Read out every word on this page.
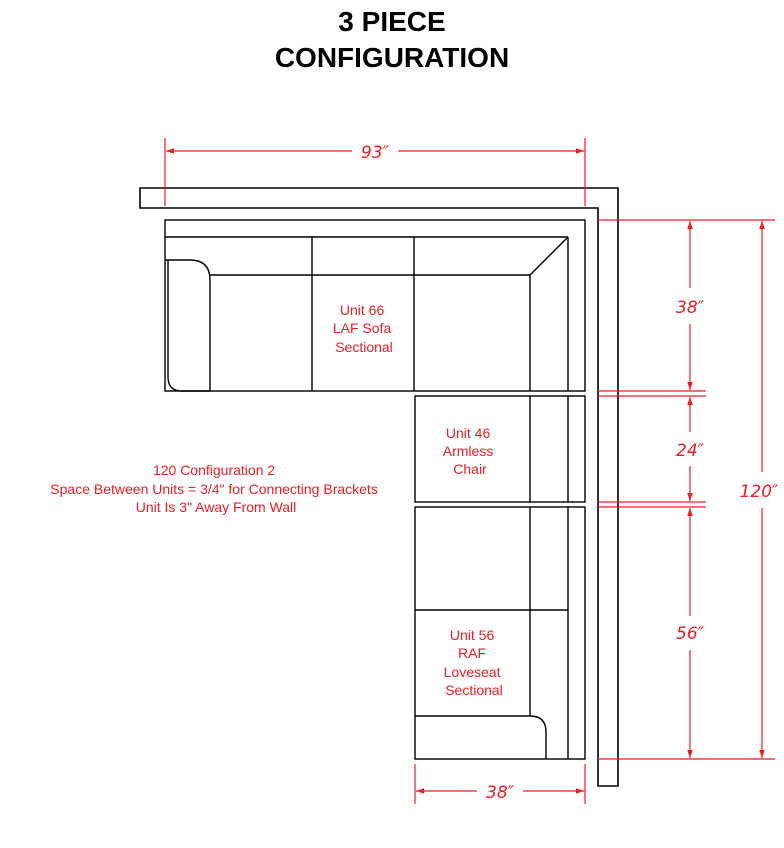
3 PIECE
CONFIGURATION
Unit 66 LAF Sofa Sectional
Unit 46 Armless Chair
Unit 56 RAF Loveseat Sectional
120 Configuration 2 Space Between Units = 3/4" for Connecting Brackets Unit Is 3" Away From Wall
93″
38″
38″
24″
56″
120″
